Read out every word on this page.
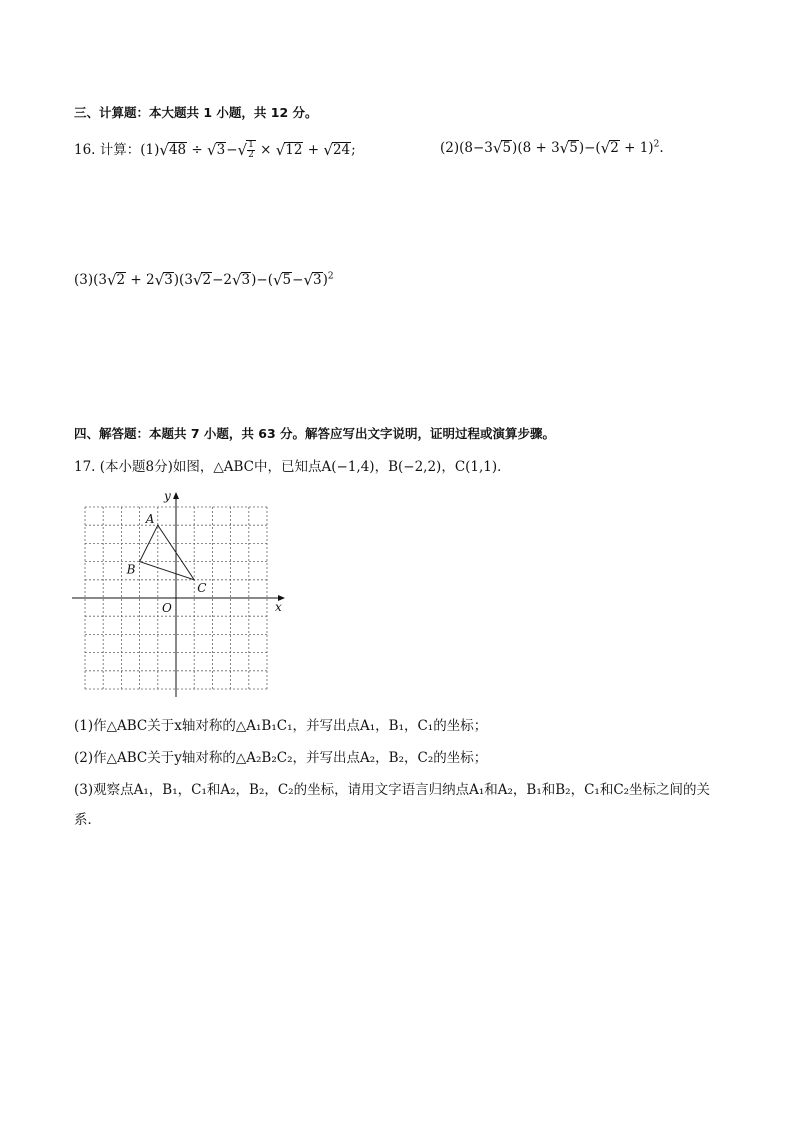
三、计算题：本大题共 1 小题，共 12 分。
16. 计算：$(1)√48 \div √3-√ \frac{1}{2} \times √12 + √24$;	$(2)(8-3√5)(8 + 3√5)-(√2 + 1)^2$.
$(3)(3√2 + 2√3)(3√2-2√3)-(√5-√3)^2$
四、解答题：本题共 7 小题，共 63 分。解答应写出文字说明，证明过程或演算步骤。
17. (本小题8分)如图，△ABC中，已知点A(−1,4)，B(−2,2)，C(1,1)．
A
B
C
O	x
y
(1)作△ABC关于x轴对称的△A₁B₁C₁，并写出点A₁，B₁，C₁的坐标；
(2)作△ABC关于y轴对称的△A₂B₂C₂，并写出点A₂，B₂，C₂的坐标；
(3)观察点A₁，B₁，C₁和A₂，B₂，C₂的坐标，请用文字语言归纳点A₁和A₂，B₁和B₂，C₁和C₂坐标之间的关
系．
